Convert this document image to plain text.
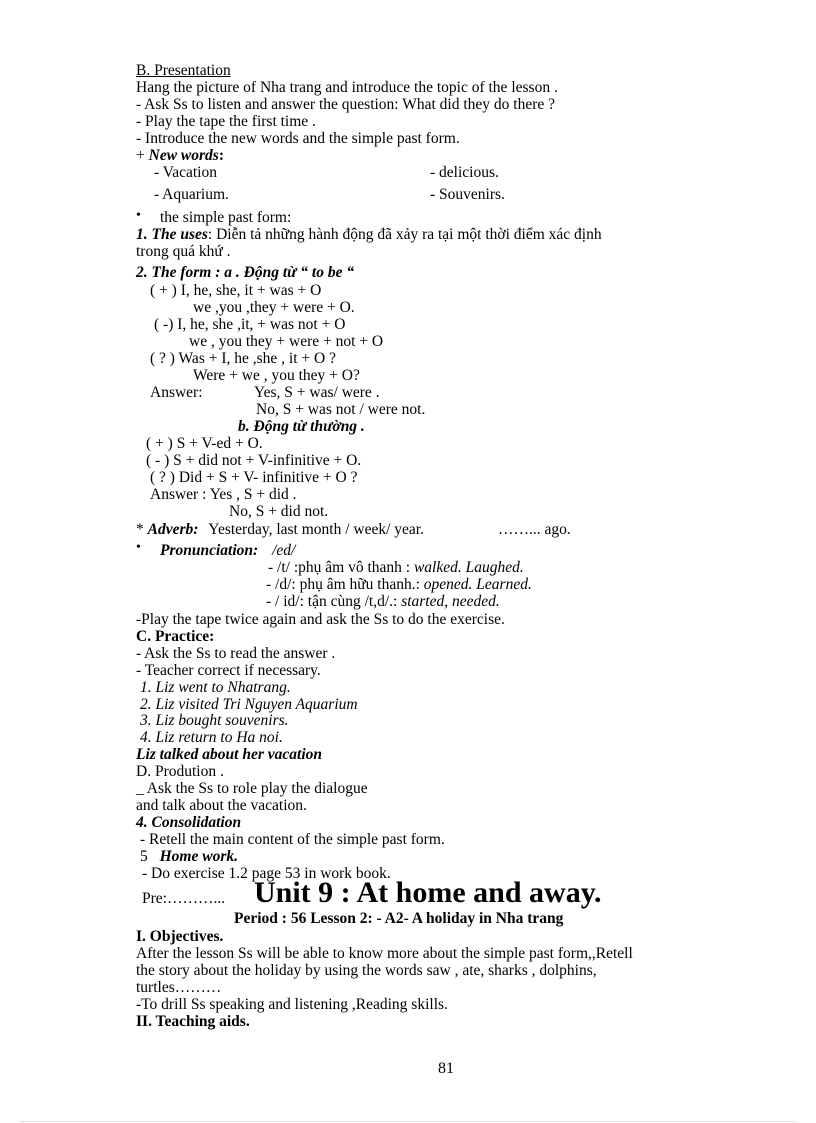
B. Presentation
Hang the picture of Nha trang and introduce the topic of the lesson .
- Ask Ss to listen and answer the question: What did they do there ?
- Play the tape the first time .
- Introduce the new words and the simple past form.
+ New words:
- Vacation	- delicious.
- Aquarium.	- Souvenirs.
• the simple past form:
1. The uses: Diễn tả những hành động đã xảy ra tại một thời điểm xác định
trong quá khứ .
2. The form : a . Động từ “ to be “
( + ) I, he, she, it + was + O
we ,you ,they + were + O.
( -) I, he, she ,it, + was not + O
we , you they + were + not + O
( ? ) Was + I, he ,she , it + O ?
Were + we , you they + O?
Answer:	Yes, S + was/ were .
No, S + was not / were not.
b. Động từ thường .
( + ) S + V-ed + O.
( - ) S + did not + V-infinitive + O.
( ? ) Did + S + V- infinitive + O ?
Answer : Yes , S + did .
No, S + did not.
* Adverb: Yesterday, last month / week/ year.	……... ago.
• Pronunciation: /ed/
- /t/ :phụ âm vô thanh : walked. Laughed.
- /d/: phụ âm hữu thanh.: opened. Learned.
- / id/: tận cùng /t,d/.: started, needed.
-Play the tape twice again and ask the Ss to do the exercise.
C. Practice:
- Ask the Ss to read the answer .
- Teacher correct if necessary.
1. Liz went to Nhatrang.
2. Liz visited Tri Nguyen Aquarium
3. Liz bought souvenirs.
4. Liz return to Ha noi.
Liz talked about her vacation
D. Prodution .
_ Ask the Ss to role play the dialogue
and talk about the vacation.
4. Consolidation
- Retell the main content of the simple past form.
5 Home work.
- Do exercise 1.2 page 53 in work book.
Pre:………... Unit 9 : At home and away.
Period : 56 Lesson 2: - A2- A holiday in Nha trang
I. Objectives.
After the lesson Ss will be able to know more about the simple past form,,Retell
the story about the holiday by using the words saw , ate, sharks , dolphins,
turtles………
-To drill Ss speaking and listening ,Reading skills.
II. Teaching aids.
81
